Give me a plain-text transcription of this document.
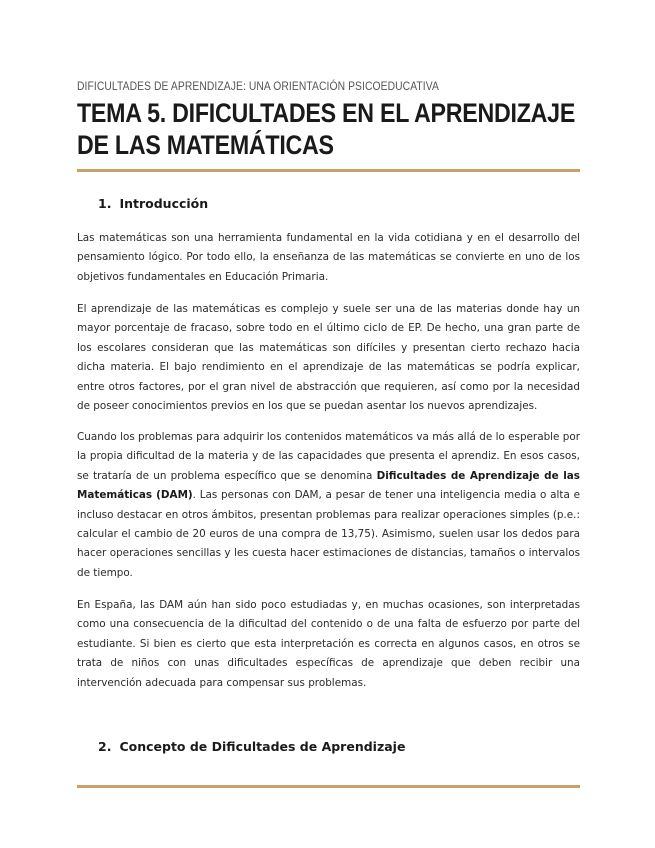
DIFICULTADES DE APRENDIZAJE: UNA ORIENTACIÓN PSICOEDUCATIVA
TEMA 5. DIFICULTADES EN EL APRENDIZAJE DE LAS MATEMÁTICAS
1. Introducción

Las matemáticas son una herramienta fundamental en la vida cotidiana y en el desarrollo del pensamiento lógico. Por todo ello, la enseñanza de las matemáticas se convierte en uno de los objetivos fundamentales en Educación Primaria.

El aprendizaje de las matemáticas es complejo y suele ser una de las materias donde hay un mayor porcentaje de fracaso, sobre todo en el último ciclo de EP. De hecho, una gran parte de los escolares consideran que las matemáticas son difíciles y presentan cierto rechazo hacia dicha materia. El bajo rendimiento en el aprendizaje de las matemáticas se podría explicar, entre otros factores, por el gran nivel de abstracción que requieren, así como por la necesidad de poseer conocimientos previos en los que se puedan asentar los nuevos aprendizajes.

Cuando los problemas para adquirir los contenidos matemáticos va más allá de lo esperable por la propia dificultad de la materia y de las capacidades que presenta el aprendiz. En esos casos, se trataría de un problema específico que se denomina Dificultades de Aprendizaje de las Matemáticas (DAM). Las personas con DAM, a pesar de tener una inteligencia media o alta e incluso destacar en otros ámbitos, presentan problemas para realizar operaciones simples (p.e.: calcular el cambio de 20 euros de una compra de 13,75). Asimismo, suelen usar los dedos para hacer operaciones sencillas y les cuesta hacer estimaciones de distancias, tamaños o intervalos de tiempo.

En España, las DAM aún han sido poco estudiadas y, en muchas ocasiones, son interpretadas como una consecuencia de la dificultad del contenido o de una falta de esfuerzo por parte del estudiante. Si bien es cierto que esta interpretación es correcta en algunos casos, en otros se trata de niños con unas dificultades específicas de aprendizaje que deben recibir una intervención adecuada para compensar sus problemas.

2. Concepto de Dificultades de Aprendizaje
